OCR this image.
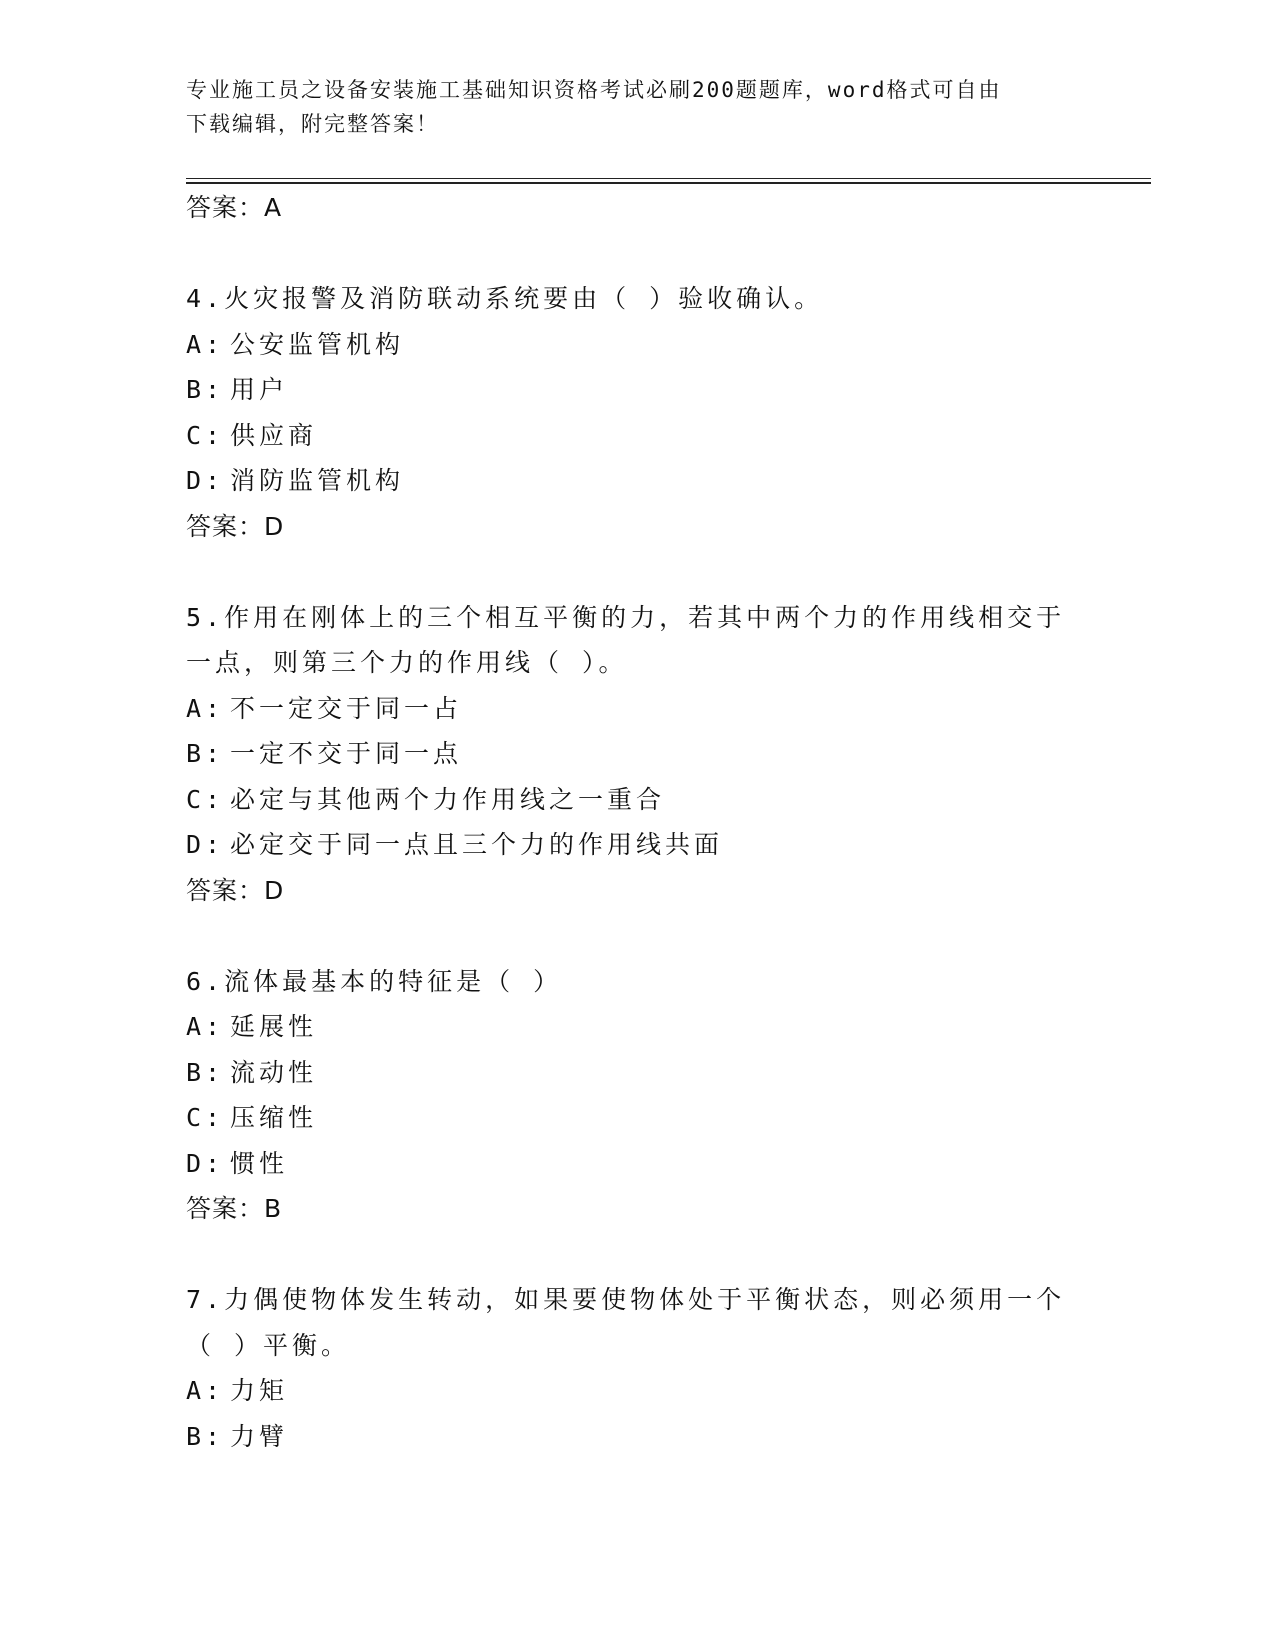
专业施工员之设备安装施工基础知识资格考试必刷200题题库，word格式可自由
下载编辑，附完整答案！
答案：A
4.火灾报警及消防联动系统要由（ ）验收确认。
A: 公安监管机构
B: 用户
C: 供应商
D: 消防监管机构
答案：D
5.作用在刚体上的三个相互平衡的力，若其中两个力的作用线相交于
一点，则第三个力的作用线（ ）。
A: 不一定交于同一占
B: 一定不交于同一点
C: 必定与其他两个力作用线之一重合
D: 必定交于同一点且三个力的作用线共面
答案：D
6.流体最基本的特征是（ ）
A: 延展性
B: 流动性
C: 压缩性
D: 惯性
答案：B
7.力偶使物体发生转动，如果要使物体处于平衡状态，则必须用一个
（ ）平衡。
A: 力矩
B: 力臂
